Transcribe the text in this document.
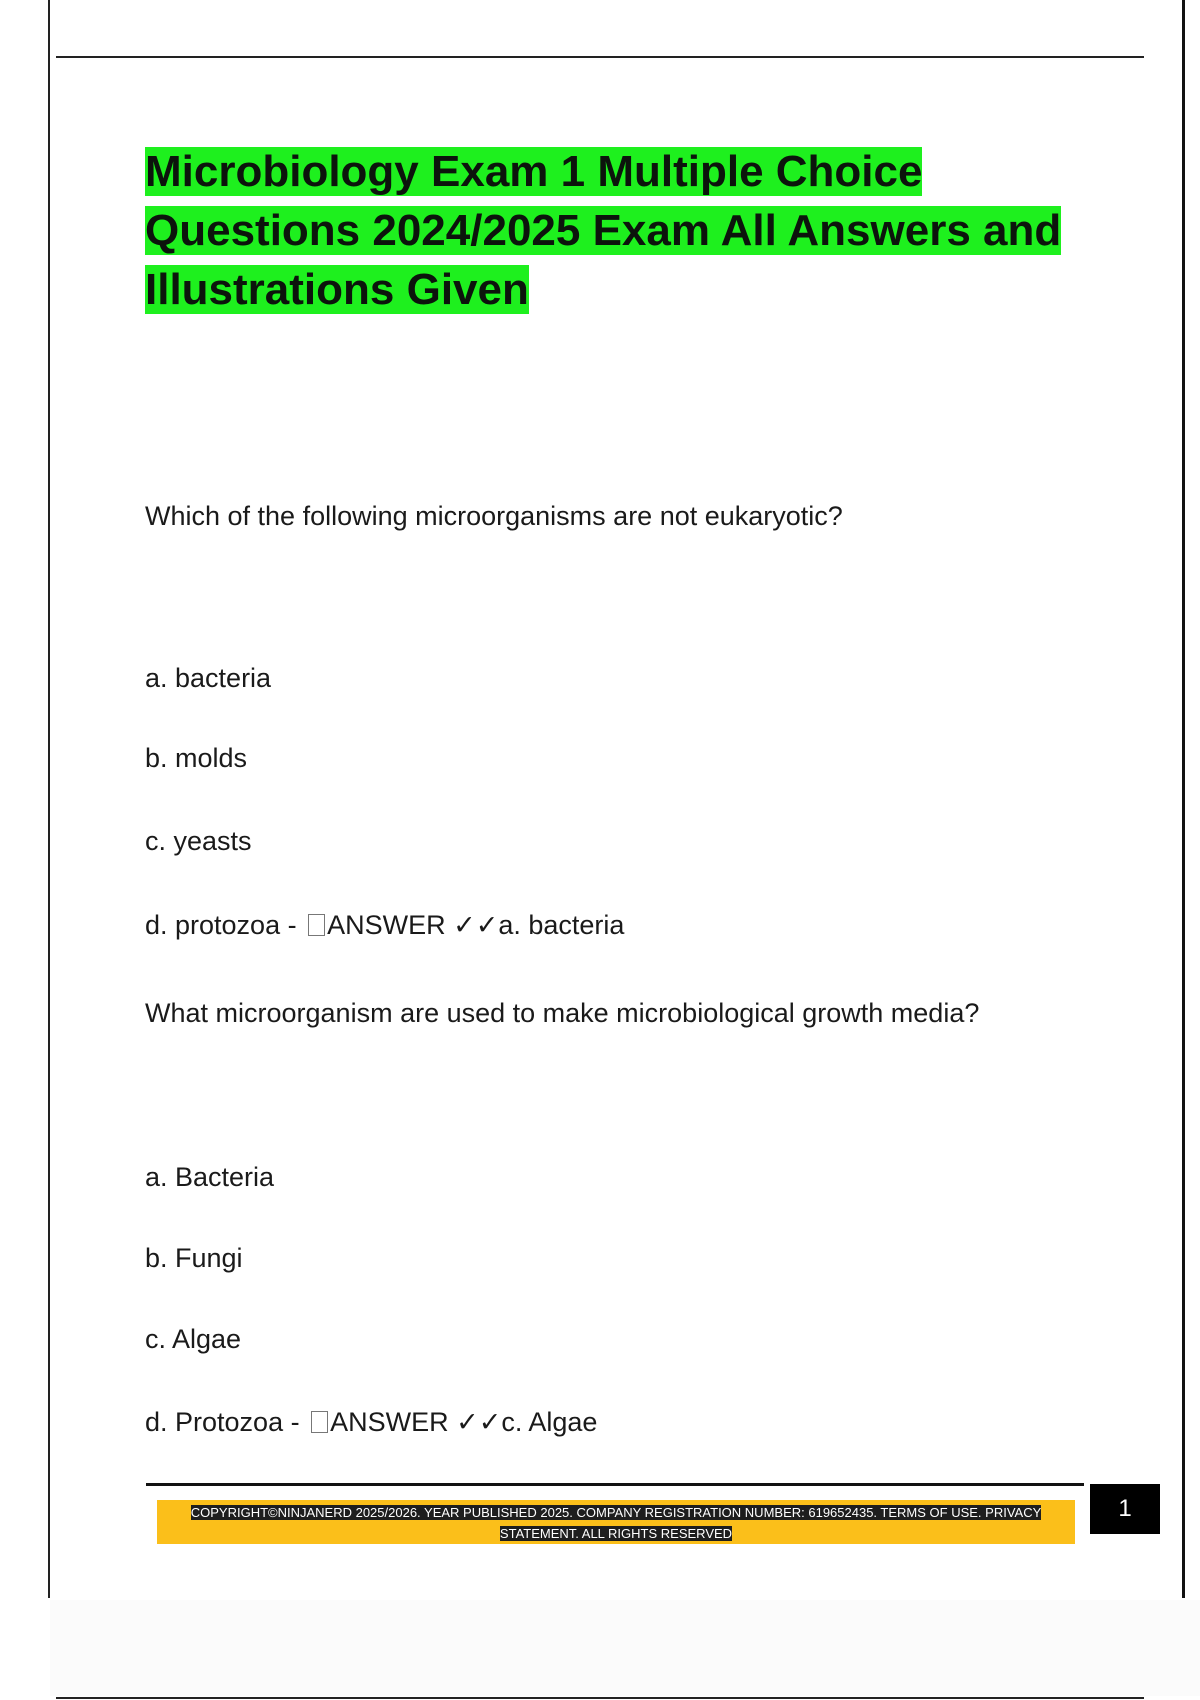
Microbiology Exam 1 Multiple Choice Questions 2024/2025 Exam All Answers and Illustrations Given

Which of the following microorganisms are not eukaryotic?

a. bacteria

b. molds

c. yeasts

d. protozoa - ANSWER ✓✓a. bacteria

What microorganism are used to make microbiological growth media?

a. Bacteria

b. Fungi

c. Algae

d. Protozoa - ANSWER ✓✓c. Algae

COPYRIGHT©NINJANERD 2025/2026. YEAR PUBLISHED 2025. COMPANY REGISTRATION NUMBER: 619652435. TERMS OF USE. PRIVACY
STATEMENT. ALL RIGHTS RESERVED

1
